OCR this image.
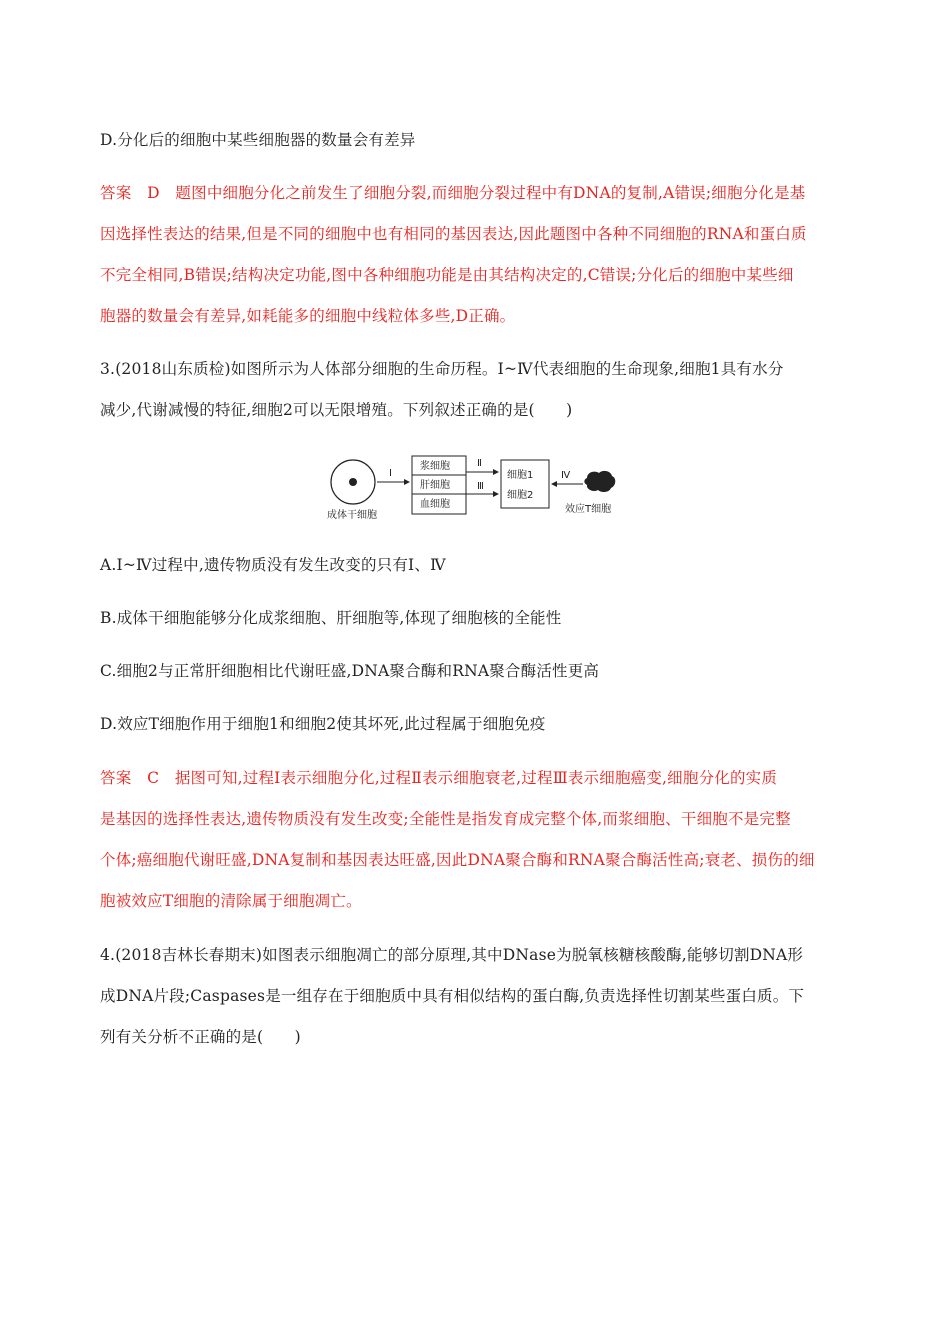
D.分化后的细胞中某些细胞器的数量会有差异
答案　D　题图中细胞分化之前发生了细胞分裂,而细胞分裂过程中有DNA的复制,A错误;细胞分化是基
因选择性表达的结果,但是不同的细胞中也有相同的基因表达,因此题图中各种不同细胞的RNA和蛋白质
不完全相同,B错误;结构决定功能,图中各种细胞功能是由其结构决定的,C错误;分化后的细胞中某些细
胞器的数量会有差异,如耗能多的细胞中线粒体多些,D正确。
3.(2018山东质检)如图所示为人体部分细胞的生命历程。Ⅰ~Ⅳ代表细胞的生命现象,细胞1具有水分
减少,代谢减慢的特征,细胞2可以无限增殖。下列叙述正确的是(　　)
成体干细胞
Ⅰ
浆细胞
肝细胞
血细胞
Ⅱ
Ⅲ
细胞1
细胞2
Ⅳ
效应T细胞
A.Ⅰ~Ⅳ过程中,遗传物质没有发生改变的只有Ⅰ、Ⅳ
B.成体干细胞能够分化成浆细胞、肝细胞等,体现了细胞核的全能性
C.细胞2与正常肝细胞相比代谢旺盛,DNA聚合酶和RNA聚合酶活性更高
D.效应T细胞作用于细胞1和细胞2使其坏死,此过程属于细胞免疫
答案　C　据图可知,过程Ⅰ表示细胞分化,过程Ⅱ表示细胞衰老,过程Ⅲ表示细胞癌变,细胞分化的实质
是基因的选择性表达,遗传物质没有发生改变;全能性是指发育成完整个体,而浆细胞、干细胞不是完整
个体;癌细胞代谢旺盛,DNA复制和基因表达旺盛,因此DNA聚合酶和RNA聚合酶活性高;衰老、损伤的细
胞被效应T细胞的清除属于细胞凋亡。
4.(2018吉林长春期末)如图表示细胞凋亡的部分原理,其中DNase为脱氧核糖核酸酶,能够切割DNA形
成DNA片段;Caspases是一组存在于细胞质中具有相似结构的蛋白酶,负责选择性切割某些蛋白质。下
列有关分析不正确的是(　　)
